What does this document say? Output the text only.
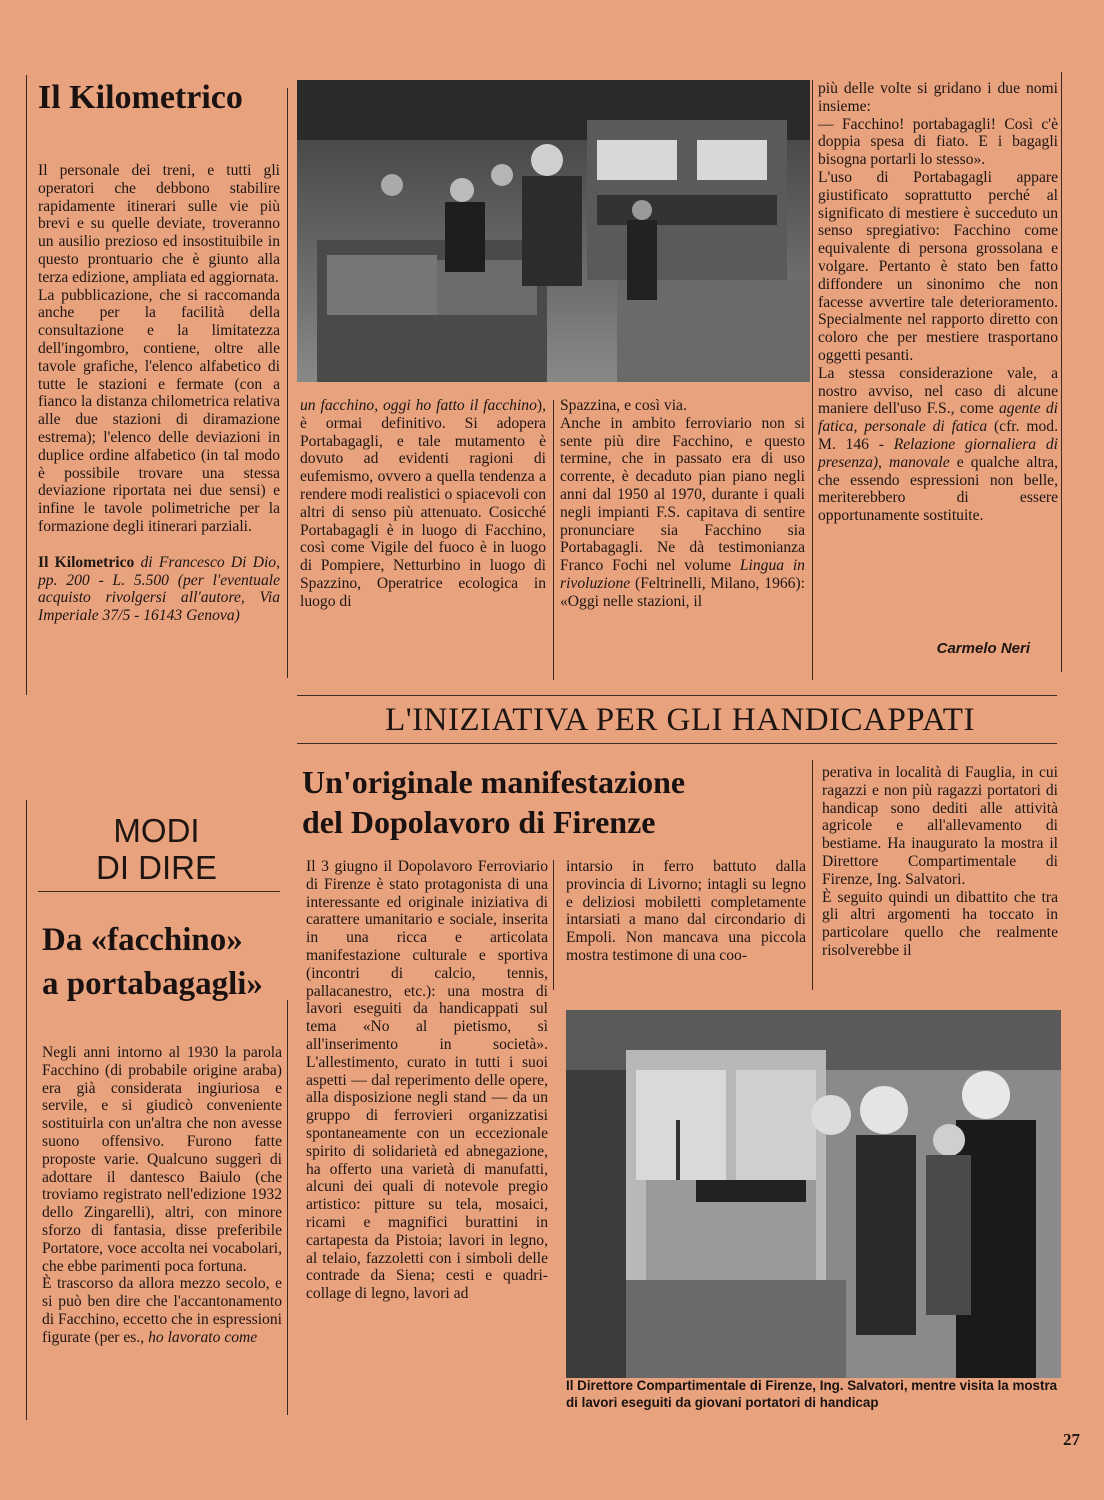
Il Kilometrico

Il personale dei treni, e tutti gli operatori che debbono stabilire rapidamente itinerari sulle vie più brevi e su quelle deviate, troveranno un ausilio prezioso ed insostituibile in questo prontuario che è giunto alla terza edizione, ampliata ed aggiornata.

La pubblicazione, che si raccomanda anche per la facilità della consultazione e la limitatezza dell'ingombro, contiene, oltre alle tavole grafiche, l'elenco alfabetico di tutte le stazioni e fermate (con a fianco la distanza chilometrica relativa alle due stazioni di diramazione estrema); l'elenco delle deviazioni in duplice ordine alfabetico (in tal modo è possibile trovare una stessa deviazione riportata nei due sensi) e infine le tavole polimetriche per la formazione degli itinerari parziali.

Il Kilometrico di Francesco Di Dio, pp. 200 - L. 5.500 (per l'eventuale acquisto rivolgersi all'autore, Via Imperiale 37/5 - 16143 Genova)

MODI
DI DIRE
Da «facchino»
a portabagagli»

Negli anni intorno al 1930 la parola Facchino (di probabile origine araba) era già considerata ingiuriosa e servile, e si giudicò conveniente sostituirla con un'altra che non avesse suono offensivo. Furono fatte proposte varie. Qualcuno suggerì di adottare il dantesco Baiulo (che troviamo registrato nell'edizione 1932 dello Zingarelli), altri, con minore sforzo di fantasia, disse preferibile Portatore, voce accolta nei vocabolari, che ebbe parimenti poca fortuna.

È trascorso da allora mezzo secolo, e si può ben dire che l'accantonamento di Facchino, eccetto che in espressioni figurate (per es., ho lavorato come

un facchino, oggi ho fatto il facchino), è ormai definitivo. Si adopera Portabagagli, e tale mutamento è dovuto ad evidenti ragioni di eufemismo, ovvero a quella tendenza a rendere modi realistici o spiacevoli con altri di senso più attenuato. Cosicché Portabagagli è in luogo di Facchino, così come Vigile del fuoco è in luogo di Pompiere, Netturbino in luogo di Spazzino, Operatrice ecologica in luogo di

Spazzina, e così via.

Anche in ambito ferroviario non si sente più dire Facchino, e questo termine, che in passato era di uso corrente, è decaduto pian piano negli anni dal 1950 al 1970, durante i quali negli impianti F.S. capitava di sentire pronunciare sia Facchino sia Portabagagli. Ne dà testimonianza Franco Fochi nel volume Lingua in rivoluzione (Feltrinelli, Milano, 1966): «Oggi nelle stazioni, il

più delle volte si gridano i due nomi insieme:

— Facchino! portabagagli! Così c'è doppia spesa di fiato. E i bagagli bisogna portarli lo stesso».

L'uso di Portabagagli appare giustificato soprattutto perché al significato di mestiere è succeduto un senso spregiativo: Facchino come equivalente di persona grossolana e volgare. Pertanto è stato ben fatto diffondere un sinonimo che non facesse avvertire tale deterioramento. Specialmente nel rapporto diretto con coloro che per mestiere trasportano oggetti pesanti.

La stessa considerazione vale, a nostro avviso, nel caso di alcune maniere dell'uso F.S., come agente di fatica, personale di fatica (cfr. mod. M. 146 - Relazione giornaliera di presenza), manovale e qualche altra, che essendo espressioni non belle, meriterebbero di essere opportunamente sostituite.

Carmelo Neri
L'INIZIATIVA PER GLI HANDICAPPATI
Un'originale manifestazione
del Dopolavoro di Firenze

Il 3 giugno il Dopolavoro Ferroviario di Firenze è stato protagonista di una interessante ed originale iniziativa di carattere umanitario e sociale, inserita in una ricca e articolata manifestazione culturale e sportiva (incontri di calcio, tennis, pallacanestro, etc.): una mostra di lavori eseguiti da handicappati sul tema «No al pietismo, sì all'inserimento in società». L'allestimento, curato in tutti i suoi aspetti — dal reperimento delle opere, alla disposizione negli stand — da un gruppo di ferrovieri organizzatisi spontaneamente con un eccezionale spirito di solidarietà ed abnegazione, ha offerto una varietà di manufatti, alcuni dei quali di notevole pregio artistico: pitture su tela, mosaici, ricami e magnifici burattini in cartapesta da Pistoia; lavori in legno, al telaio, fazzoletti con i simboli delle contrade da Siena; cesti e quadri-collage di legno, lavori ad

intarsio in ferro battuto dalla provincia di Livorno; intagli su legno e deliziosi mobiletti completamente intarsiati a mano dal circondario di Empoli. Non mancava una piccola mostra testimone di una coo-

perativa in località di Fauglia, in cui ragazzi e non più ragazzi portatori di handicap sono dediti alle attività agricole e all'allevamento di bestiame. Ha inaugurato la mostra il Direttore Compartimentale di Firenze, Ing. Salvatori.

È seguito quindi un dibattito che tra gli altri argomenti ha toccato in particolare quello che realmente risolverebbe il

Il Direttore Compartimentale di Firenze, Ing. Salvatori, mentre visita la mostra di lavori eseguiti da giovani portatori di handicap
27
